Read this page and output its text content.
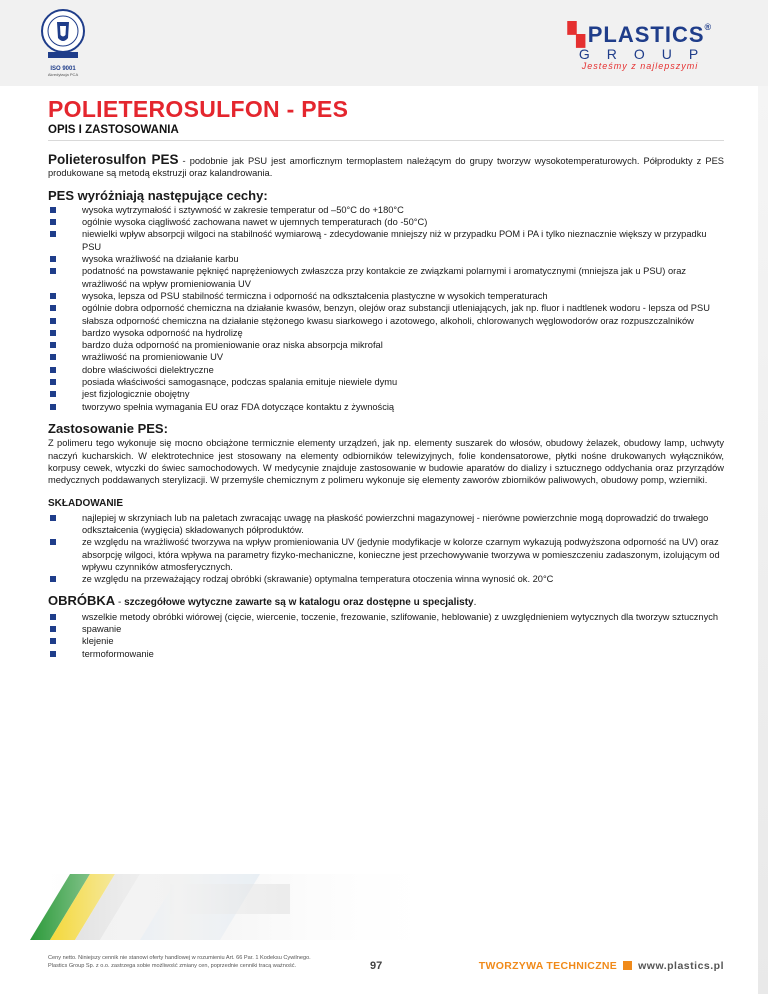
ISO 9001
Akredytacja PCA
▚PLASTICS®
GROUP
Jesteśmy z najlepszymi
POLIETEROSULFON - PES
OPIS I ZASTOSOWANIA

Polieterosulfon PES - podobnie jak PSU jest amorficznym termoplastem należącym do grupy tworzyw wysokotemperaturowych. Półprodukty z PES produkowane są metodą ekstruzji oraz kalandrowania.

PES wyróżniają następujące cechy:
wysoka wytrzymałość i sztywność w zakresie temperatur od –50°C do +180°C
ogólnie wysoka ciągliwość zachowana nawet w ujemnych temperaturach (do -50°C)
niewielki wpływ absorpcji wilgoci na stabilność wymiarową - zdecydowanie mniejszy niż w przypadku POM i PA i tylko nieznacznie większy w przypadku PSU
wysoka wrażliwość na działanie karbu
podatność na powstawanie pęknięć naprężeniowych zwłaszcza przy kontakcie ze związkami polarnymi i aromatycznymi (mniejsza jak u PSU) oraz wrażliwość na wpływ promieniowania UV
wysoka, lepsza od PSU stabilność termiczna i odporność na odkształcenia plastyczne w wysokich temperaturach
ogólnie dobra odporność chemiczna na działanie kwasów, benzyn, olejów oraz substancji utleniających, jak np. fluor i nadtlenek wodoru - lepsza od PSU
słabsza odporność chemiczna na działanie stężonego kwasu siarkowego i azotowego, alkoholi, chlorowanych węglowodorów oraz rozpuszczalników
bardzo wysoka odporność na hydrolizę
bardzo duża odporność na promieniowanie oraz niska absorpcja mikrofal
wrażliwość na promieniowanie UV
dobre właściwości dielektryczne
posiada właściwości samogasnące, podczas spalania emituje niewiele dymu
jest fizjologicznie obojętny
tworzywo spełnia wymagania EU oraz FDA dotyczące kontaktu z żywnością
Zastosowanie PES:

Z polimeru tego wykonuje się mocno obciążone termicznie elementy urządzeń, jak np. elementy suszarek do włosów, obudowy żelazek, obudowy lamp, uchwyty naczyń kucharskich. W elektrotechnice jest stosowany na elementy odbiorników telewizyjnych, folie kondensatorowe, płytki nośne drukowanych wyłączników, korpusy cewek, wtyczki do świec samochodowych. W medycynie znajduje zastosowanie w budowie aparatów do dializy i sztucznego oddychania oraz przyrządów medycznych poddawanych sterylizacji. W przemyśle chemicznym z polimeru wykonuje się elementy zaworów zbiorników paliwowych, obudowy pomp, wzierniki.

SKŁADOWANIE
najlepiej w skrzyniach lub na paletach zwracając uwagę na płaskość powierzchni magazynowej - nierówne powierzchnie mogą doprowadzić do trwałego odkształcenia (wygięcia) składowanych półproduktów.
ze względu na wrażliwość tworzywa na wpływ promieniowania UV (jedynie modyfikacje w kolorze czarnym wykazują podwyższona odporność na UV) oraz absorpcję wilgoci, która wpływa na parametry fizyko-mechaniczne, konieczne jest przechowywanie tworzywa w pomieszczeniu zadaszonym, izolującym od wpływu czynników atmosferycznych.
ze względu na przeważający rodzaj obróbki (skrawanie) optymalna temperatura otoczenia winna wynosić ok. 20°C
OBRÓBKA - szczegółowe wytyczne zawarte są w katalogu oraz dostępne u specjalisty.
wszelkie metody obróbki wiórowej (cięcie, wiercenie, toczenie, frezowanie, szlifowanie, heblowanie) z uwzględnieniem wytycznych dla tworzyw sztucznych
spawanie
klejenie
termoformowanie
Ceny netto. Niniejszy cennik nie stanowi oferty handlowej w rozumieniu Art. 66 Par. 1 Kodeksu Cywilnego.
Plastics Group Sp. z o.o. zastrzega sobie możliwość zmiany cen, poprzednie cenniki tracą ważność.	97	TWORZYWA TECHNICZNE www.plastics.pl
